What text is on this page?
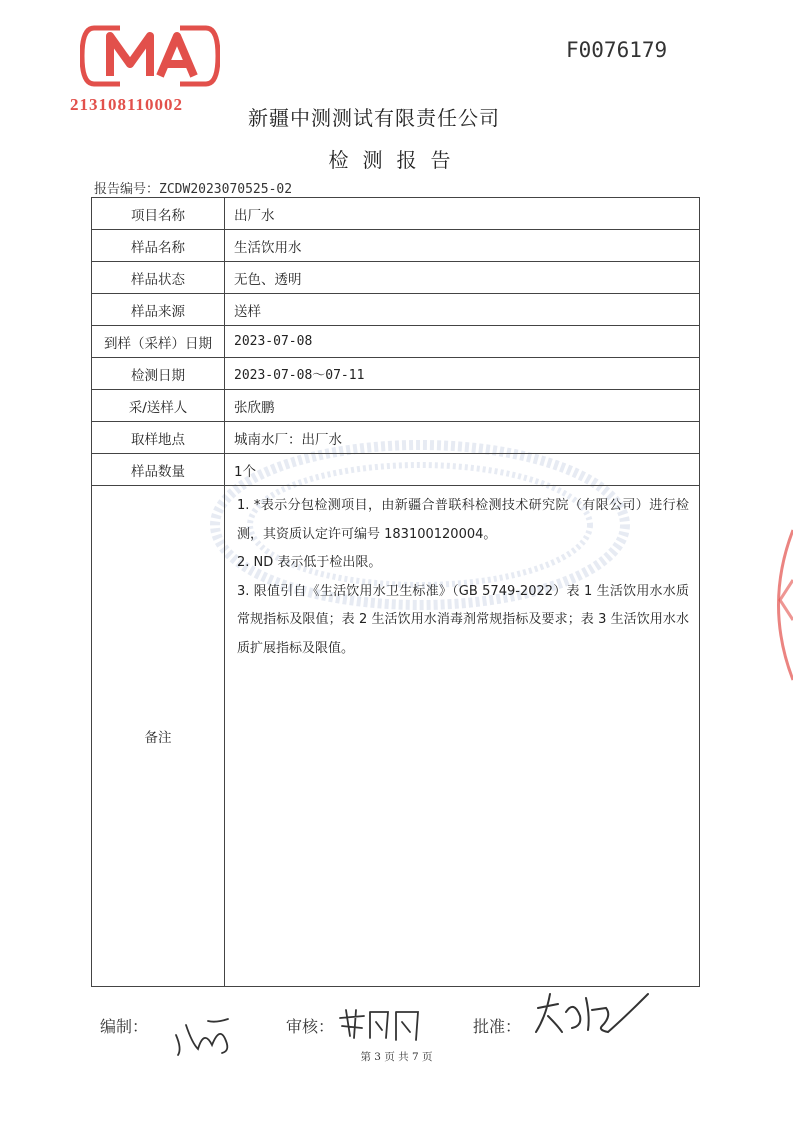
213108110002
F0076179
新疆中测测试有限责任公司
检测报告
报告编号：ZCDW2023070525-02
项目名称	出厂水
样品名称	生活饮用水
样品状态	无色、透明
样品来源	送样
到样（采样）日期	2023-07-08
检测日期	2023-07-08～07-11
采/送样人	张欣鹏
取样地点	城南水厂：出厂水
样品数量	1个
备注	1. *表示分包检测项目，由新疆合普联科检测技术研究院（有限公司）进行检测，其资质认定许可编号 183100120004。

2. ND 表示低于检出限。

3. 限值引自《生活饮用水卫生标准》（GB 5749-2022）表 1 生活饮用水水质常规指标及限值；表 2 生活饮用水消毒剂常规指标及要求；表 3 生活饮用水水质扩展指标及限值。

编制：	审核：	批准：
第 3 页 共 7 页
